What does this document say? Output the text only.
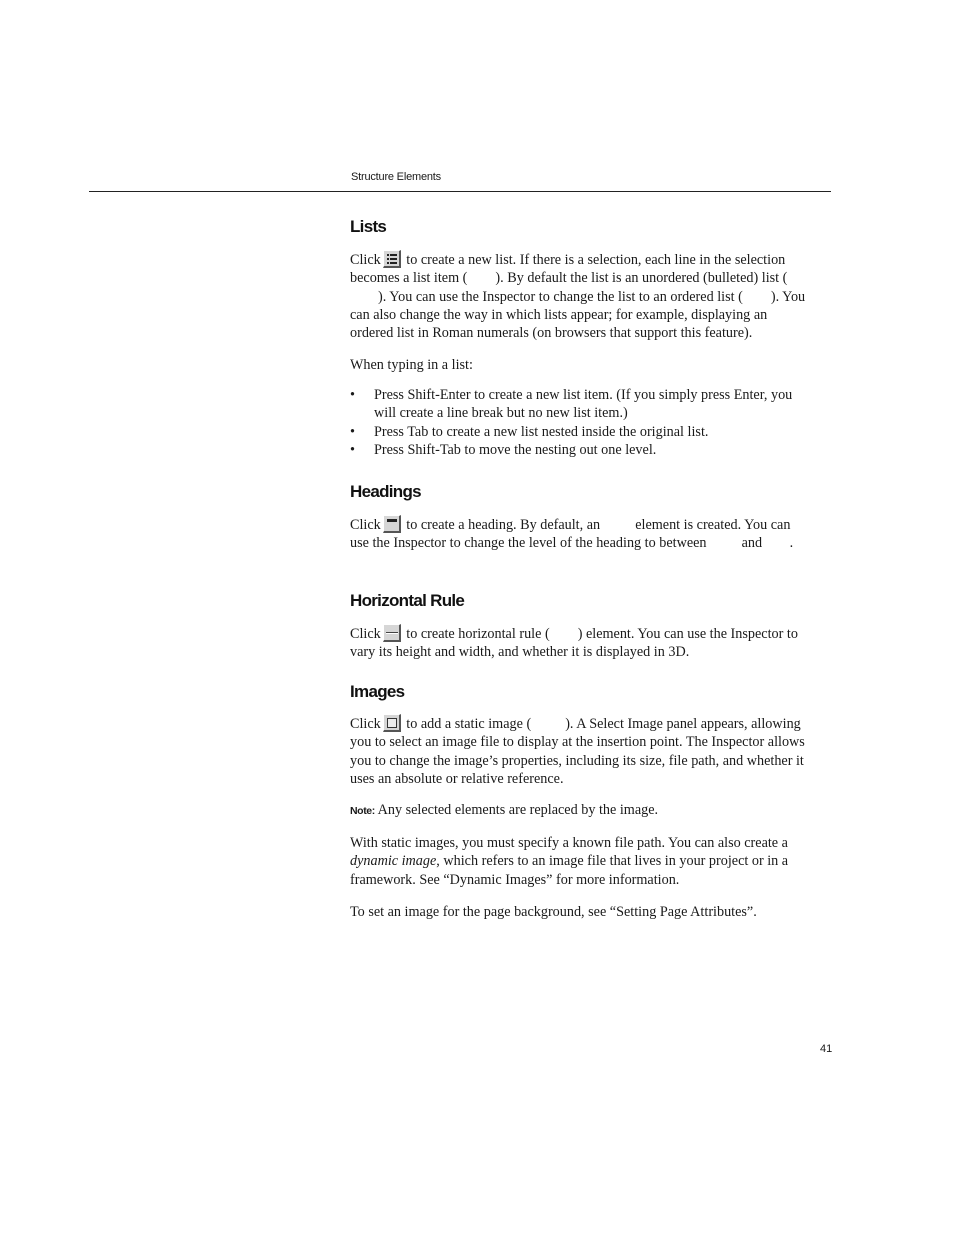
Structure Elements
Lists

Click
to create a new list. If there is a selection, each line in the selection becomes a list item ( ). By default the list is an unordered (bulleted) list (). You can use the Inspector to change the list to an ordered list ( ). You can also change the way in which lists appear; for example, displaying an ordered list in Roman numerals (on browsers that support this feature).

When typing in a list:

• Press Shift-Enter to create a new list item. (If you simply press Enter, you will create a line break but no new list item.)
• Press Tab to create a new list nested inside the original list.
• Press Shift-Tab to move the nesting out one level.
Headings

Click
to create a heading. By default, an  element is created. You can use the Inspector to change the level of the heading to between  and .

Horizontal Rule

Click
to create horizontal rule ( ) element. You can use the Inspector to vary its height and width, and whether it is displayed in 3D.

Images

Click
to add a static image ( ). A Select Image panel appears, allowing you to select an image file to display at the insertion point. The Inspector allows you to change the image’s properties, including its size, file path, and whether it uses an absolute or relative reference.

Note: Any selected elements are replaced by the image.

With static images, you must specify a known file path. You can also create a dynamic image, which refers to an image file that lives in your project or in a framework. See “Dynamic Images” for more information.

To set an image for the page background, see “Setting Page Attributes”.

41
